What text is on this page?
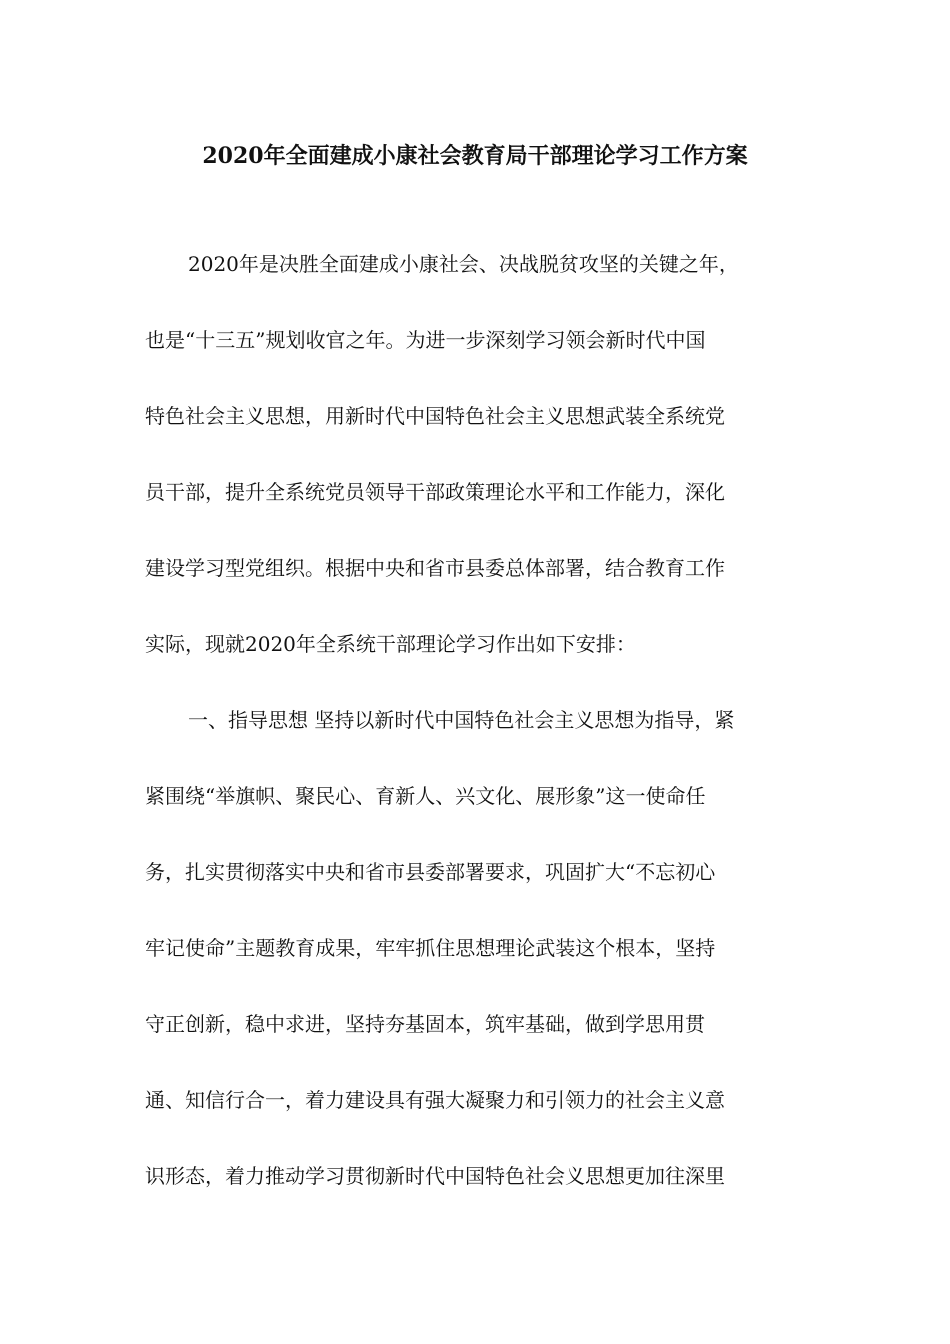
2020年全面建成小康社会教育局干部理论学习工作方案
2020年是决胜全面建成小康社会、决战脱贫攻坚的关键之年，
也是“十三五”规划收官之年。为进一步深刻学习领会新时代中国
特色社会主义思想，用新时代中国特色社会主义思想武装全系统党
员干部，提升全系统党员领导干部政策理论水平和工作能力，深化
建设学习型党组织。根据中央和省市县委总体部署，结合教育工作
实际，现就2020年全系统干部理论学习作出如下安排：
一、指导思想 坚持以新时代中国特色社会主义思想为指导，紧
紧围绕“举旗帜、聚民心、育新人、兴文化、展形象”这一使命任
务，扎实贯彻落实中央和省市县委部署要求，巩固扩大“不忘初心
牢记使命”主题教育成果，牢牢抓住思想理论武装这个根本，坚持
守正创新，稳中求进，坚持夯基固本，筑牢基础，做到学思用贯
通、知信行合一，着力建设具有强大凝聚力和引领力的社会主义意
识形态，着力推动学习贯彻新时代中国特色社会义思想更加往深里
